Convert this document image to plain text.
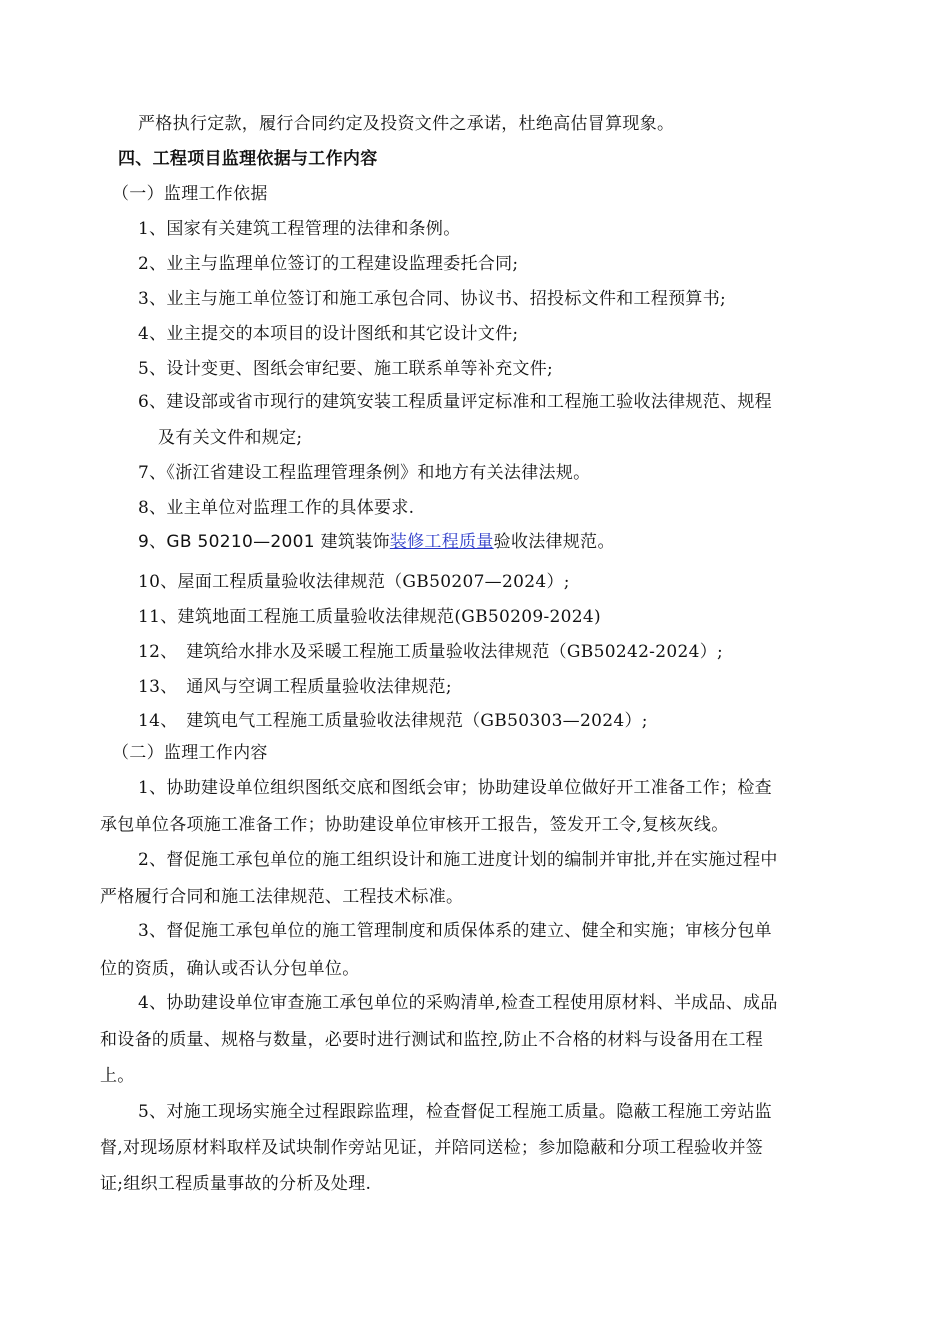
严格执行定款，履行合同约定及投资文件之承诺，杜绝高估冒算现象。
四、工程项目监理依据与工作内容
（一）监理工作依据
1、国家有关建筑工程管理的法律和条例。
2、业主与监理单位签订的工程建设监理委托合同;
3、业主与施工单位签订和施工承包合同、协议书、招投标文件和工程预算书;
4、业主提交的本项目的设计图纸和其它设计文件;
5、设计变更、图纸会审纪要、施工联系单等补充文件;
6、建设部或省市现行的建筑安装工程质量评定标准和工程施工验收法律规范、规程
及有关文件和规定;
7、《浙江省建设工程监理管理条例》和地方有关法律法规。
8、业主单位对监理工作的具体要求.
9、GB 50210—2001 建筑装饰装修工程质量验收法律规范。
10、屋面工程质量验收法律规范（GB50207—2024）;
11、建筑地面工程施工质量验收法律规范(GB50209-2024)
12、　建筑给水排水及采暖工程施工质量验收法律规范（GB50242-2024）;
13、　通风与空调工程质量验收法律规范;
14、　建筑电气工程施工质量验收法律规范（GB50303—2024）;
（二）监理工作内容
1、协助建设单位组织图纸交底和图纸会审；协助建设单位做好开工准备工作；检查
承包单位各项施工准备工作；协助建设单位审核开工报告，签发开工令,复核灰线。
2、督促施工承包单位的施工组织设计和施工进度计划的编制并审批,并在实施过程中
严格履行合同和施工法律规范、工程技术标准。
3、督促施工承包单位的施工管理制度和质保体系的建立、健全和实施；审核分包单
位的资质，确认或否认分包单位。
4、协助建设单位审查施工承包单位的采购清单,检查工程使用原材料、半成品、成品
和设备的质量、规格与数量，必要时进行测试和监控,防止不合格的材料与设备用在工程
上。
5、对施工现场实施全过程跟踪监理，检查督促工程施工质量。隐蔽工程施工旁站监
督,对现场原材料取样及试块制作旁站见证，并陪同送检；参加隐蔽和分项工程验收并签
证;组织工程质量事故的分析及处理.
